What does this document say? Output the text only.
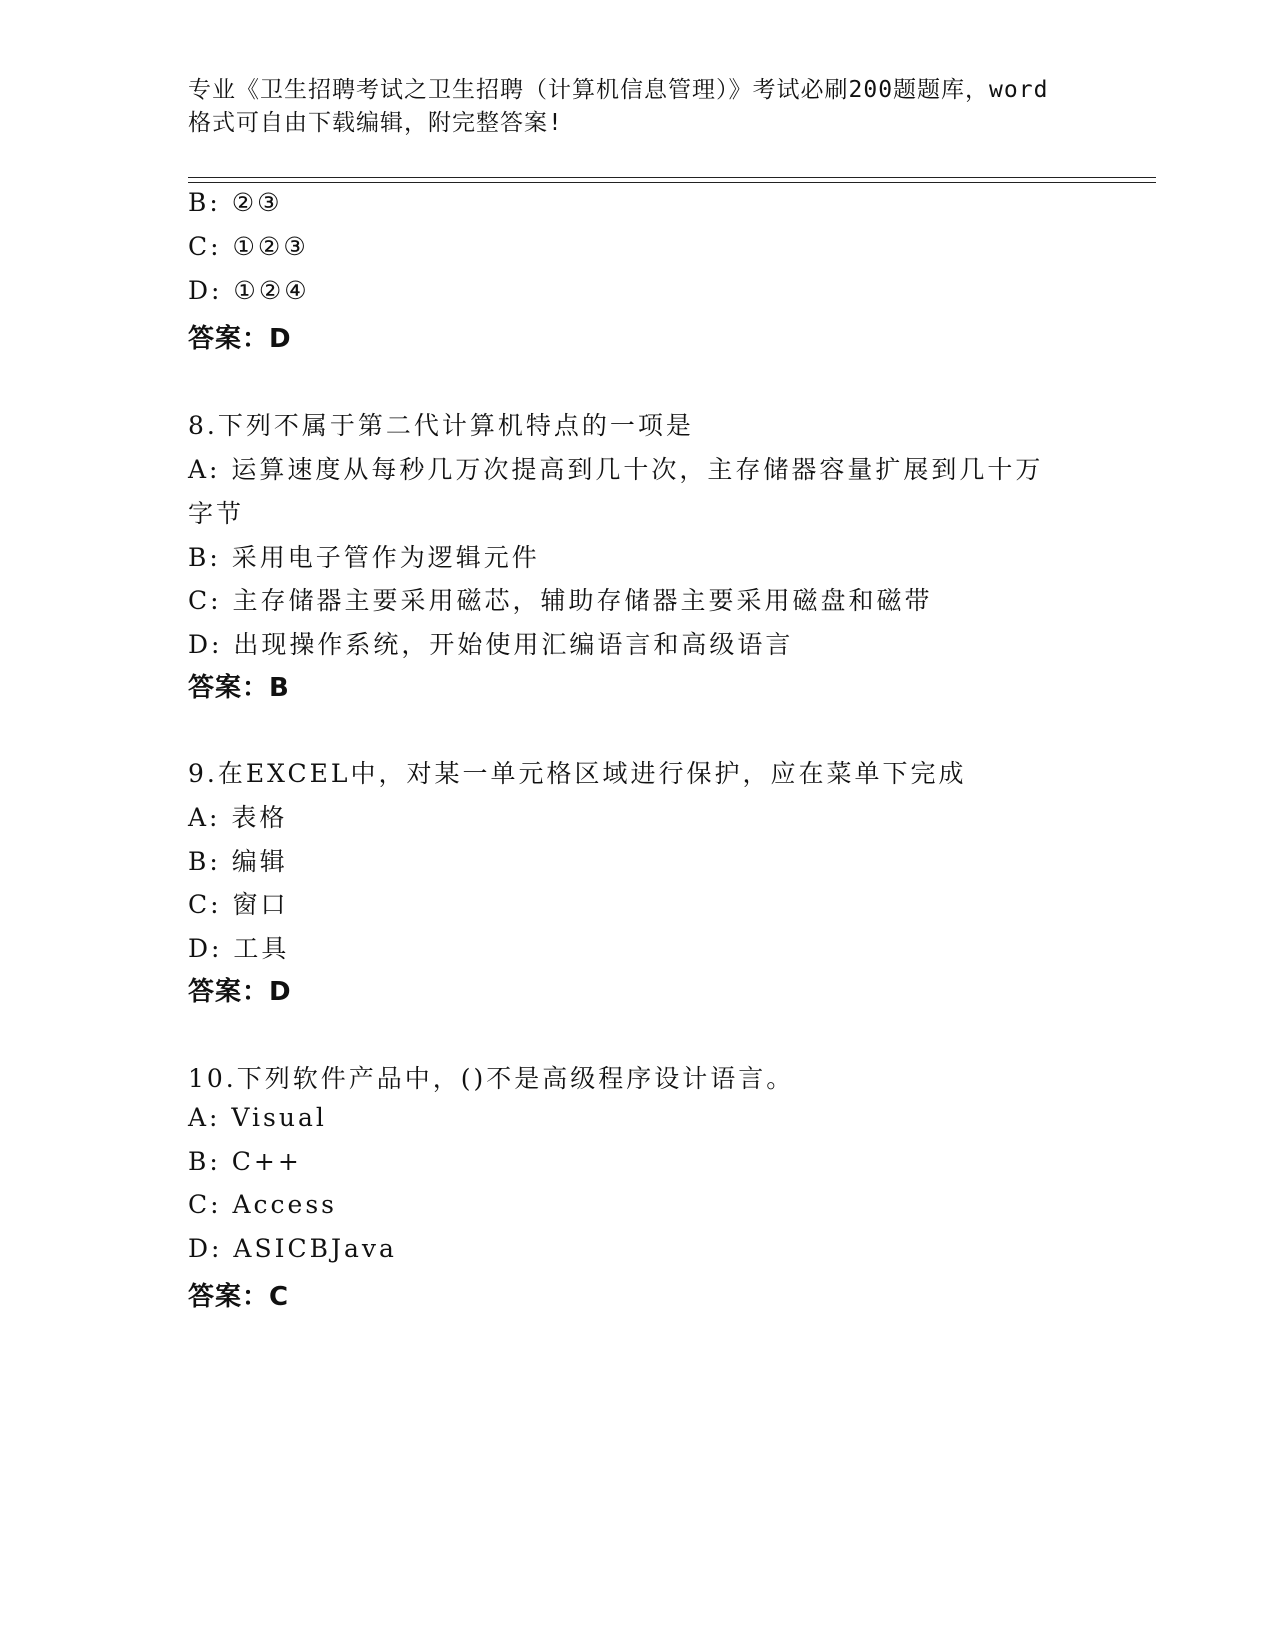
专业《卫生招聘考试之卫生招聘（计算机信息管理）》考试必刷200题题库，word
格式可自由下载编辑，附完整答案!
B: ②③
C: ①②③
D: ①②④
答案：D
8.下列不属于第二代计算机特点的一项是
A: 运算速度从每秒几万次提高到几十次，主存储器容量扩展到几十万
字节
B: 采用电子管作为逻辑元件
C: 主存储器主要采用磁芯，辅助存储器主要采用磁盘和磁带
D: 出现操作系统，开始使用汇编语言和高级语言
答案：B
9.在EXCEL中，对某一单元格区域进行保护，应在菜单下完成
A: 表格
B: 编辑
C: 窗口
D: 工具
答案：D
10.下列软件产品中，()不是高级程序设计语言。
A: Visual
B: C++
C: Access
D: ASICBJava
答案：C
